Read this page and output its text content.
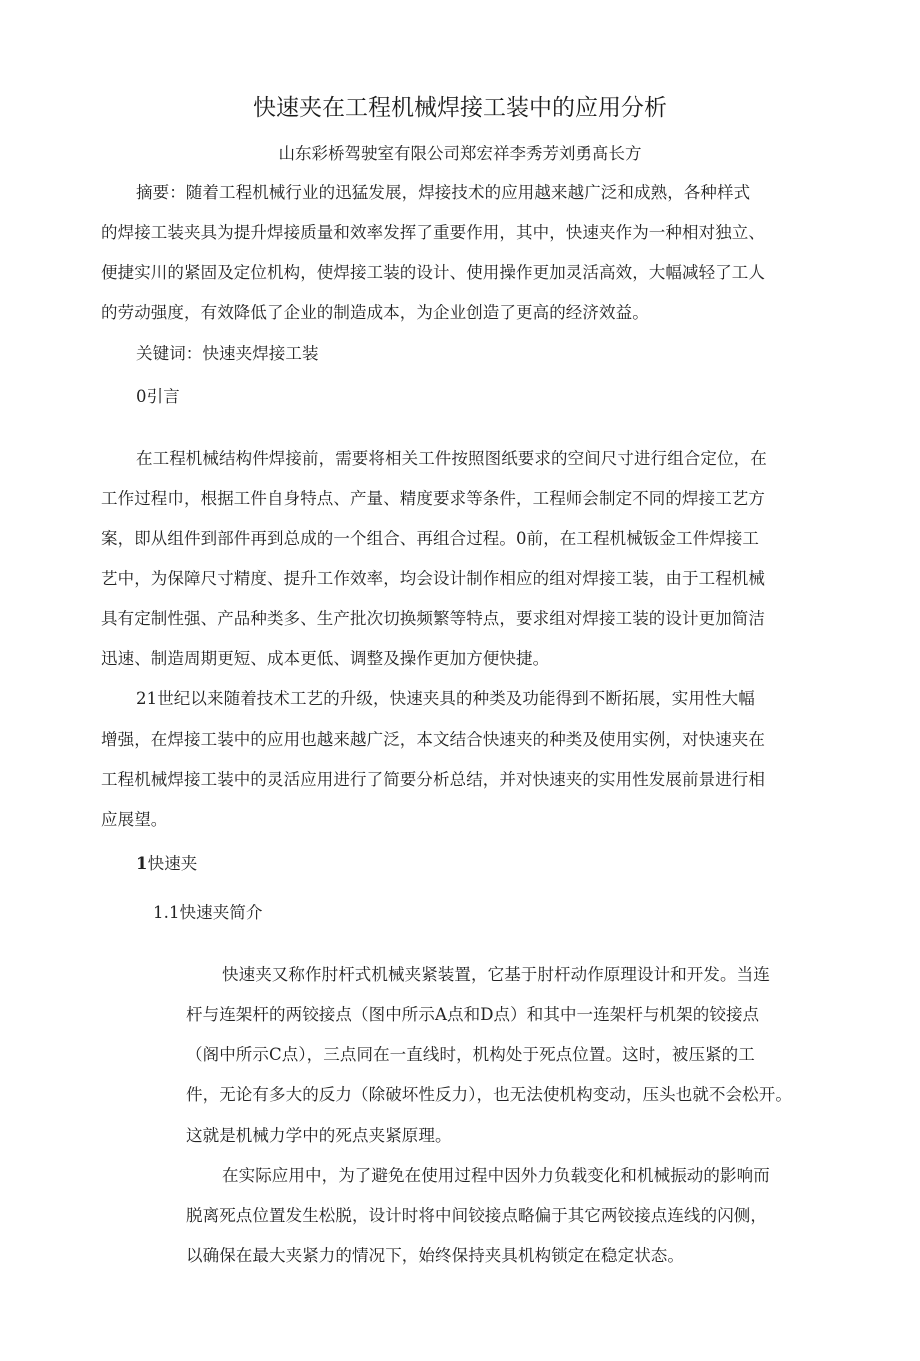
快速夹在工程机械焊接工装中的应用分析
山东彩桥驾驶室有限公司郑宏祥李秀芳刘勇髙长方
摘要：随着工程机械行业的迅猛发展，焊接技术的应用越来越广泛和成熟，各种样式
的焊接工装夹具为提升焊接质量和效率发挥了重要作用，其中，快速夹作为一种相对独立、
便捷实川的紧固及定位机构，使焊接工装的设计、使用操作更加灵活高效，大幅减轻了工人
的劳动强度，有效降低了企业的制造成本，为企业创造了更高的经济效益。
关键词：快速夹焊接工装
0引言
在工程机械结构件焊接前，需要将相关工件按照图纸要求的空间尺寸进行组合定位，在
工作过程巾，根据工件自身特点、产量、精度要求等条件，工程师会制定不同的焊接工艺方
案，即从组件到部件再到总成的一个组合、再组合过程。0前，在工程机械钣金工件焊接工
艺中，为保障尺寸精度、提升工作效率，均会设计制作相应的组对焊接工装，由于工程机械
具有定制性强、产品种类多、生产批次切换频繁等特点，要求组对焊接工装的设计更加简洁
迅速、制造周期更短、成本更低、调整及操作更加方便快捷。
21世纪以来随着技术工艺的升级，快速夹具的种类及功能得到不断拓展，实用性大幅
增强，在焊接工装中的应用也越来越广泛，本文结合快速夹的种类及使用实例，对快速夹在
工程机械焊接工装中的灵活应用进行了简要分析总结，并对快速夹的实用性发展前景进行相
应展望。
1快速夹
1.1快速夹简介
快速夹又称作肘杆式机械夹紧装置，它基于肘杆动作原理设计和开发。当连
杆与连架杆的两铰接点（图中所示A点和D点）和其中一连架杆与机架的铰接点
（阁中所示C点），三点同在一直线时，机构处于死点位置。这时，被压紧的工
件，无论有多大的反力（除破坏性反力），也无法使机构变动，压头也就不会松开。
这就是机械力学中的死点夹紧原理。
在实际应用中，为了避免在使用过程中因外力负载变化和机械振动的影响而
脱离死点位置发生松脱，设计时将中间铰接点略偏于其它两铰接点连线的闪侧，
以确保在最大夹紧力的情况下，始终保持夹具机构锁定在稳定状态。
